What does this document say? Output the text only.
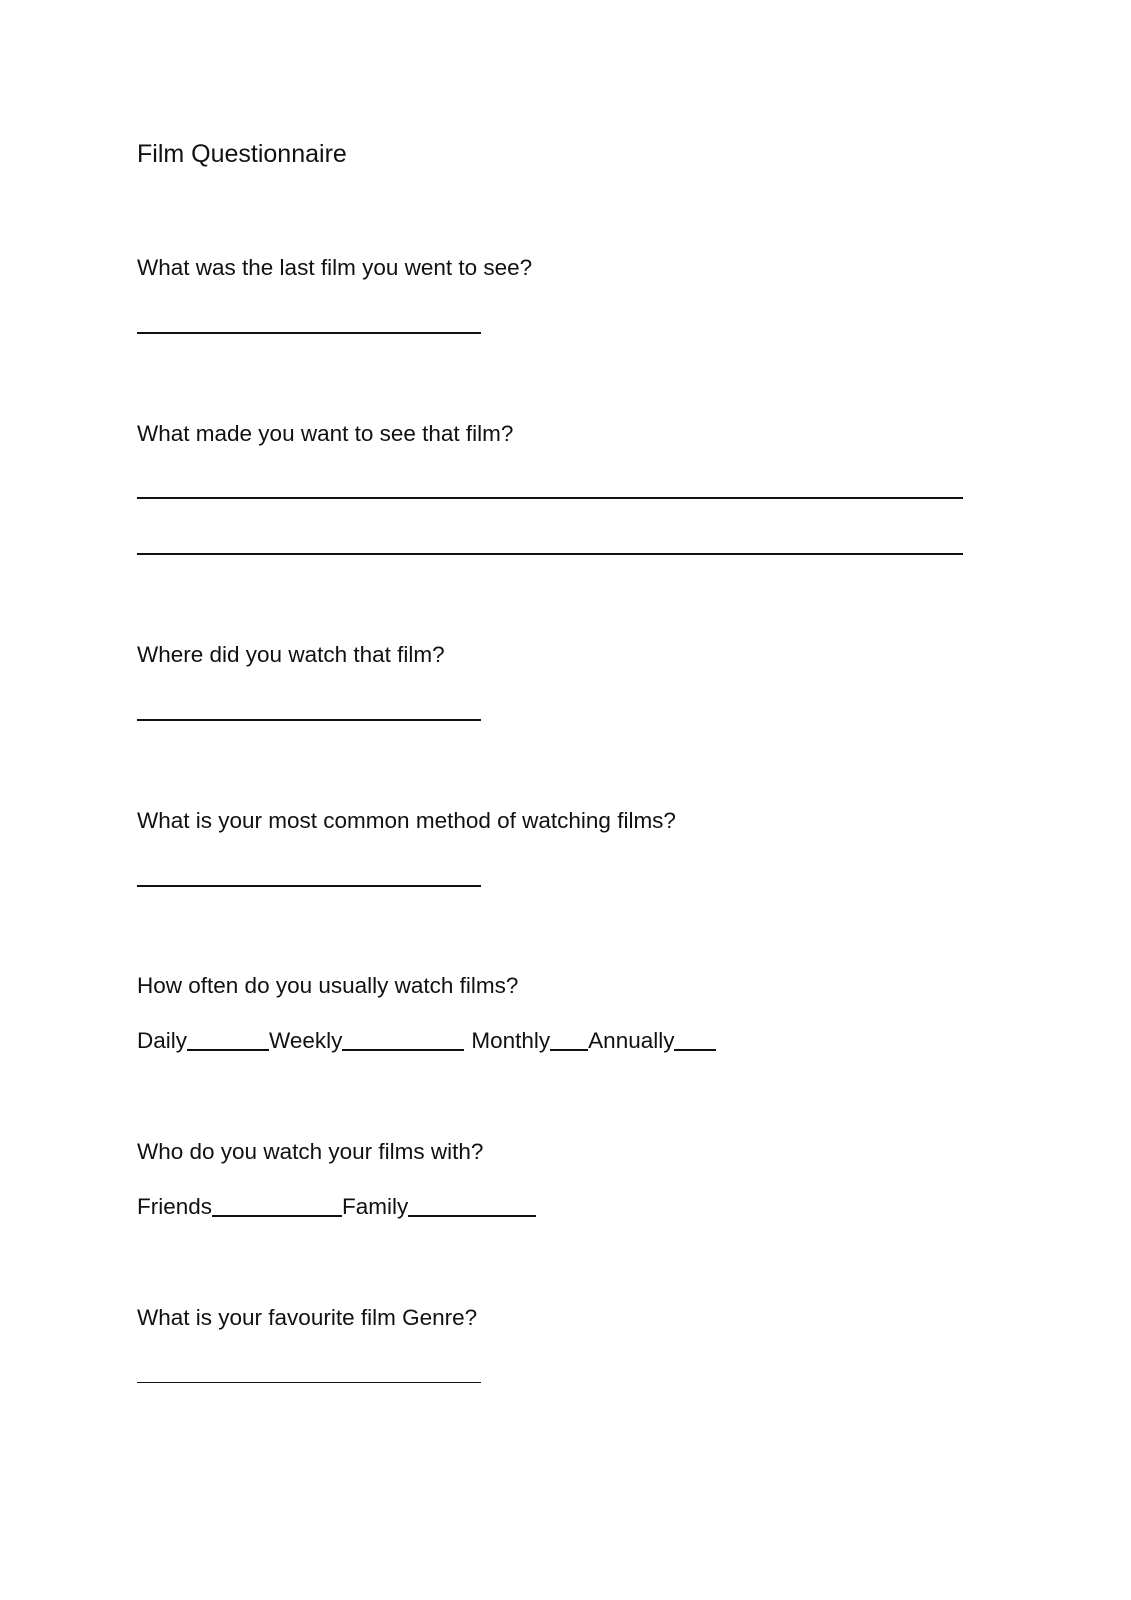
Film Questionnaire
What was the last film you went to see?
What made you want to see that film?
Where did you watch that film?
What is your most common method of watching films?
How often do you usually watch films?
Daily	Weekly	Monthly Annually
Who do you watch your films with?
Friends	Family
What is your favourite film Genre?
